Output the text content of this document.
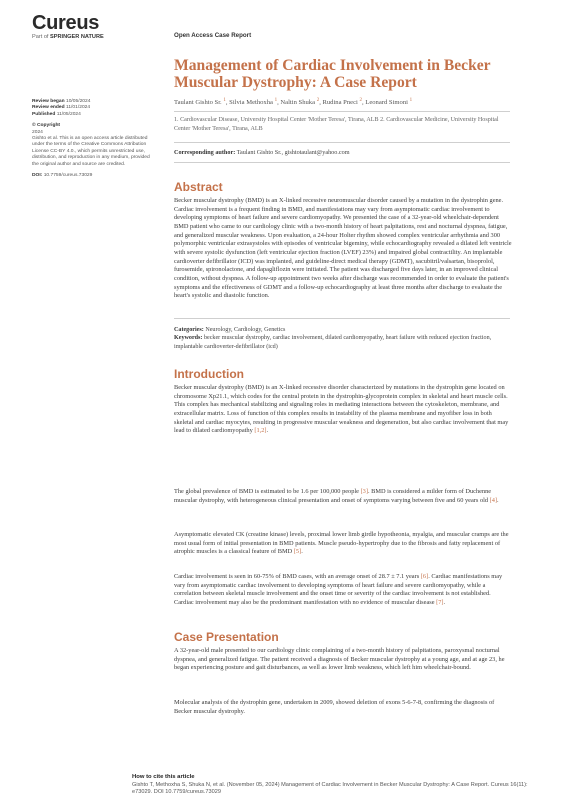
Cureus
Part of SPRINGER NATURE	Open Access Case Report
Management of Cardiac Involvement in Becker Muscular Dystrophy: A Case Report
Taulant Gishto Sr. $^1$, Silvia Methoxha $^1$, Naltin Shuka $^2$, Rudina Pneci $^2$, Leonard Simoni $^1$
1. Cardiovascular Disease, University Hospital Center 'Mother Teresa', Tirana, ALB 2. Cardiovascular Medicine, University Hospital Center 'Mother Teresa', Tirana, ALB
Corresponding author: Taulant Gishto Sr., gishtotaulant@yahoo.com
Review began 10/05/2024
Review ended 11/01/2024
Published 11/05/2024
© Copyright
2024
Gishto et al. This is an open access article distributed under the terms of the Creative Commons Attribution License CC-BY 4.0., which permits unrestricted use, distribution, and reproduction in any medium, provided the original author and source are credited.
DOI: 10.7759/cureus.73029
Abstract
Becker muscular dystrophy (BMD) is an X-linked recessive neuromuscular disorder caused by a mutation in the dystrophin gene. Cardiac involvement is a frequent finding in BMD, and manifestations may vary from asymptomatic cardiac involvement to developing symptoms of heart failure and severe cardiomyopathy. We presented the case of a 32-year-old wheelchair-dependent BMD patient who came to our cardiology clinic with a two-month history of heart palpitations, rest and nocturnal dyspnea, fatigue, and generalized muscular weakness. Upon evaluation, a 24-hour Holter rhythm showed complex ventricular arrhythmia and 300 polymorphic ventricular extrasystoles with episodes of ventricular bigeminy, while echocardiography revealed a dilated left ventricle with severe systolic dysfunction (left ventricular ejection fraction (LVEF) 23%) and impaired global contractility. An implantable cardioverter defibrillator (ICD) was implanted, and guideline-direct medical therapy (GDMT), sacubitril/valsartan, bisoprolol, furosemide, spironolactone, and dapagliflozin were initiated. The patient was discharged five days later, in an improved clinical condition, without dyspnea. A follow-up appointment two weeks after discharge was recommended in order to evaluate the patient's symptoms and the effectiveness of GDMT and a follow-up echocardiography at least three months after discharge to evaluate the heart's systolic and diastolic function.
Categories: Neurology, Cardiology, Genetics
Keywords: becker muscular dystrophy, cardiac involvement, dilated cardiomyopathy, heart failure with reduced ejection fraction, implantable cardioverter-defibrillator (icd)
Introduction
Becker muscular dystrophy (BMD) is an X-linked recessive disorder characterized by mutations in the dystrophin gene located on chromosome Xp21.1, which codes for the central protein in the dystrophin-glycoprotein complex in skeletal and heart muscle cells. This complex has mechanical stabilizing and signaling roles in mediating interactions between the cytoskeleton, membrane, and extracellular matrix. Loss of function of this complex results in instability of the plasma membrane and myofiber loss in both skeletal and cardiac myocytes, resulting in progressive muscular weakness and degeneration, but also cardiac involvement that may lead to dilated cardiomyopathy [1,2].
The global prevalence of BMD is estimated to be 1.6 per 100,000 people [3]. BMD is considered a milder form of Duchenne muscular dystrophy, with heterogeneous clinical presentation and onset of symptoms varying between five and 60 years old [4].
Asymptomatic elevated CK (creatine kinase) levels, proximal lower limb girdle hypotheonia, myalgia, and muscular cramps are the most usual form of initial presentation in BMD patients. Muscle pseudo-hypertrophy due to the fibrosis and fatty replacement of atrophic muscles is a classical feature of BMD [5].
Cardiac involvement is seen in 60-75% of BMD cases, with an average onset of 28.7 ± 7.1 years [6]. Cardiac manifestations may vary from asymptomatic cardiac involvement to developing symptoms of heart failure and severe cardiomyopathy, while a correlation between skeletal muscle involvement and the onset time or severity of the cardiac involvement is not established. Cardiac involvement may also be the predominant manifestation with no evidence of muscular disease [7].
Case Presentation
A 32-year-old male presented to our cardiology clinic complaining of a two-month history of palpitations, paroxysmal nocturnal dyspnea, and generalized fatigue. The patient received a diagnosis of Becker muscular dystrophy at a young age, and at age 23, he began experiencing posture and gait disturbances, as well as lower limb weakness, which left him wheelchair-bound.
Molecular analysis of the dystrophin gene, undertaken in 2009, showed deletion of exons 5-6-7-8, confirming the diagnosis of Becker muscular dystrophy.
How to cite this article
Gishto T, Methoxha S, Shuka N, et al. (November 05, 2024) Management of Cardiac Involvement in Becker Muscular Dystrophy: A Case Report. Cureus 16(11): e73029. DOI 10.7759/cureus.73029
